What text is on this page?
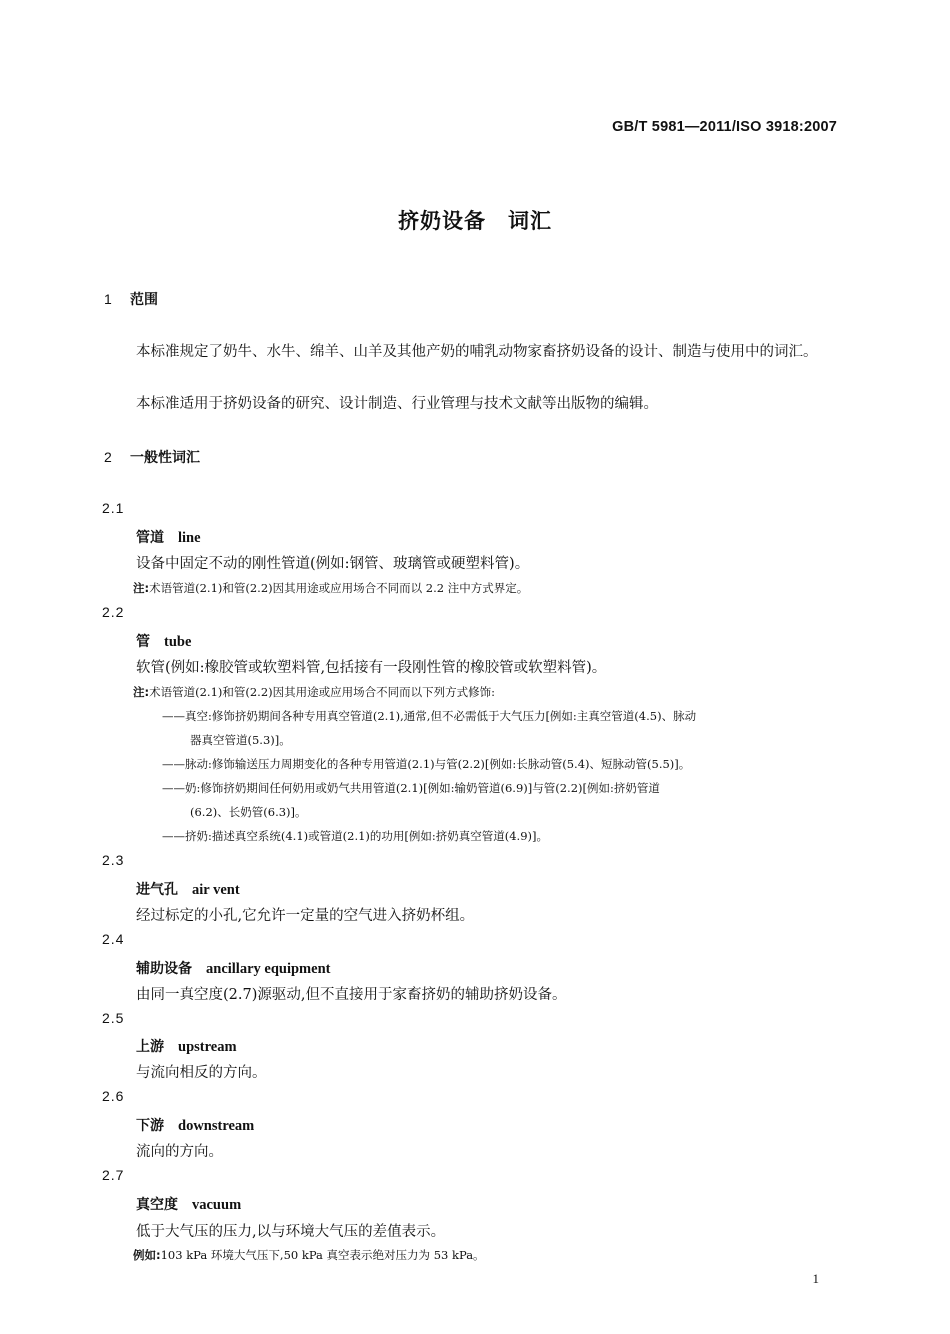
GB/T 5981—2011/ISO 3918:2007
挤奶设备　词汇
1 范围
本标准规定了奶牛、水牛、绵羊、山羊及其他产奶的哺乳动物家畜挤奶设备的设计、制造与使用中的词汇。
本标准适用于挤奶设备的研究、设计制造、行业管理与技术文献等出版物的编辑。
2 一般性词汇
2.1
管道 line
设备中固定不动的刚性管道(例如:钢管、玻璃管或硬塑料管)。
注:术语管道(2.1)和管(2.2)因其用途或应用场合不同而以 2.2 注中方式界定。
2.2
管 tube
软管(例如:橡胶管或软塑料管,包括接有一段刚性管的橡胶管或软塑料管)。
注:术语管道(2.1)和管(2.2)因其用途或应用场合不同而以下列方式修饰:
——真空:修饰挤奶期间各种专用真空管道(2.1),通常,但不必需低于大气压力[例如:主真空管道(4.5)、脉动
器真空管道(5.3)]。
——脉动:修饰输送压力周期变化的各种专用管道(2.1)与管(2.2)[例如:长脉动管(5.4)、短脉动管(5.5)]。
——奶:修饰挤奶期间任何奶用或奶气共用管道(2.1)[例如:输奶管道(6.9)]与管(2.2)[例如:挤奶管道
(6.2)、长奶管(6.3)]。
——挤奶:描述真空系统(4.1)或管道(2.1)的功用[例如:挤奶真空管道(4.9)]。
2.3
进气孔 air vent
经过标定的小孔,它允许一定量的空气进入挤奶杯组。
2.4
辅助设备 ancillary equipment
由同一真空度(2.7)源驱动,但不直接用于家畜挤奶的辅助挤奶设备。
2.5
上游 upstream
与流向相反的方向。
2.6
下游 downstream
流向的方向。
2.7
真空度 vacuum
低于大气压的压力,以与环境大气压的差值表示。
例如:103 kPa 环境大气压下,50 kPa 真空表示绝对压力为 53 kPa。
1
